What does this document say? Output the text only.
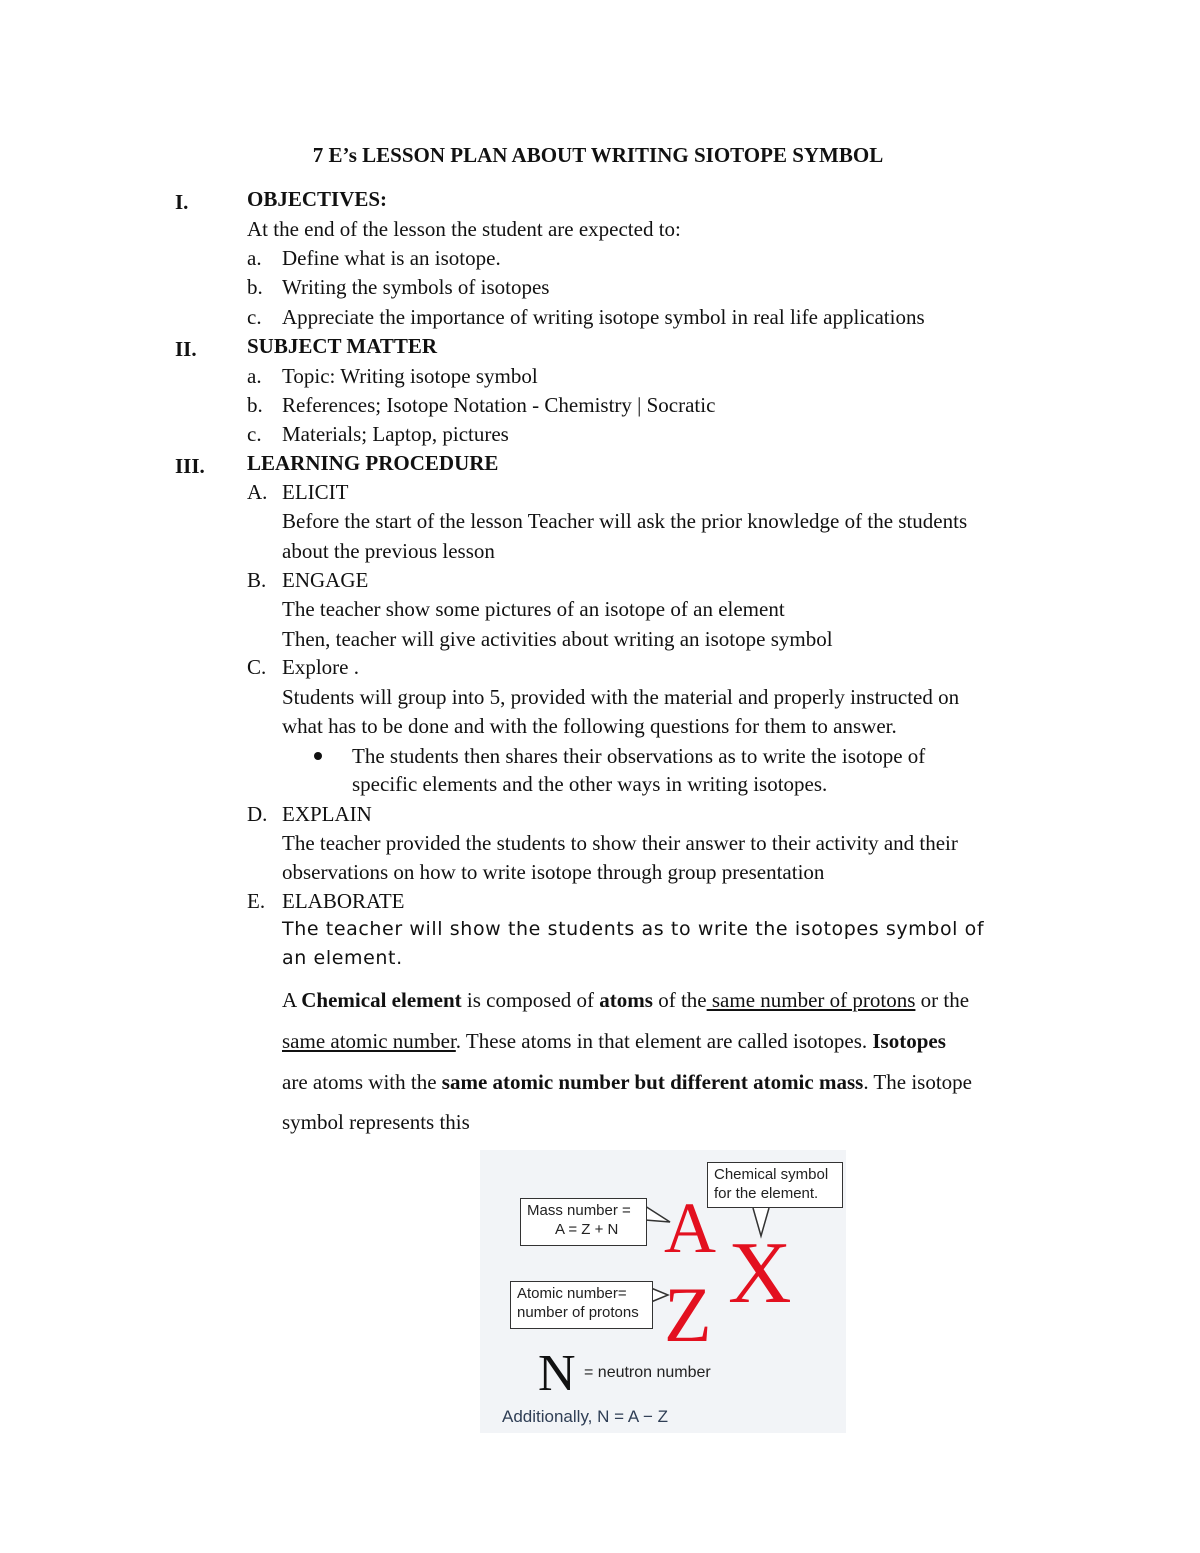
7 E’s LESSON PLAN ABOUT WRITING SIOTOPE SYMBOL
I.	OBJECTIVES:
At the end of the lesson the student are expected to:
a. Define what is an isotope.
b. Writing the symbols of isotopes
c. Appreciate the importance of writing isotope symbol in real life applications
II. SUBJECT MATTER
a. Topic: Writing isotope symbol
b. References; Isotope Notation - Chemistry | Socratic
c. Materials; Laptop, pictures
III. LEARNING PROCEDURE
A. ELICIT
Before the start of the lesson Teacher will ask the prior knowledge of the students
about the previous lesson
B. ENGAGE
The teacher show some pictures of an isotope of an element
Then, teacher will give activities about writing an isotope symbol
C. Explore .
Students will group into 5, provided with the material and properly instructed on
what has to be done and with the following questions for them to answer.
The students then shares their observations as to write the isotope of
specific elements and the other ways in writing isotopes.
D. EXPLAIN
The teacher provided the students to show their answer to their activity and their
observations on how to write isotope through group presentation
E. ELABORATE
The teacher will show the students as to write the isotopes symbol of
an element.
A Chemical element is composed of atoms of the same number of protons or the
same atomic number. These atoms in that element are called isotopes. Isotopes
are atoms with the same atomic number but different atomic mass. The isotope
symbol represents this
Mass number =
A = Z + N
Chemical symbol
for the element.
Atomic number=
number of protons
A X
Z
N = neutron number
Additionally, N = A − Z
